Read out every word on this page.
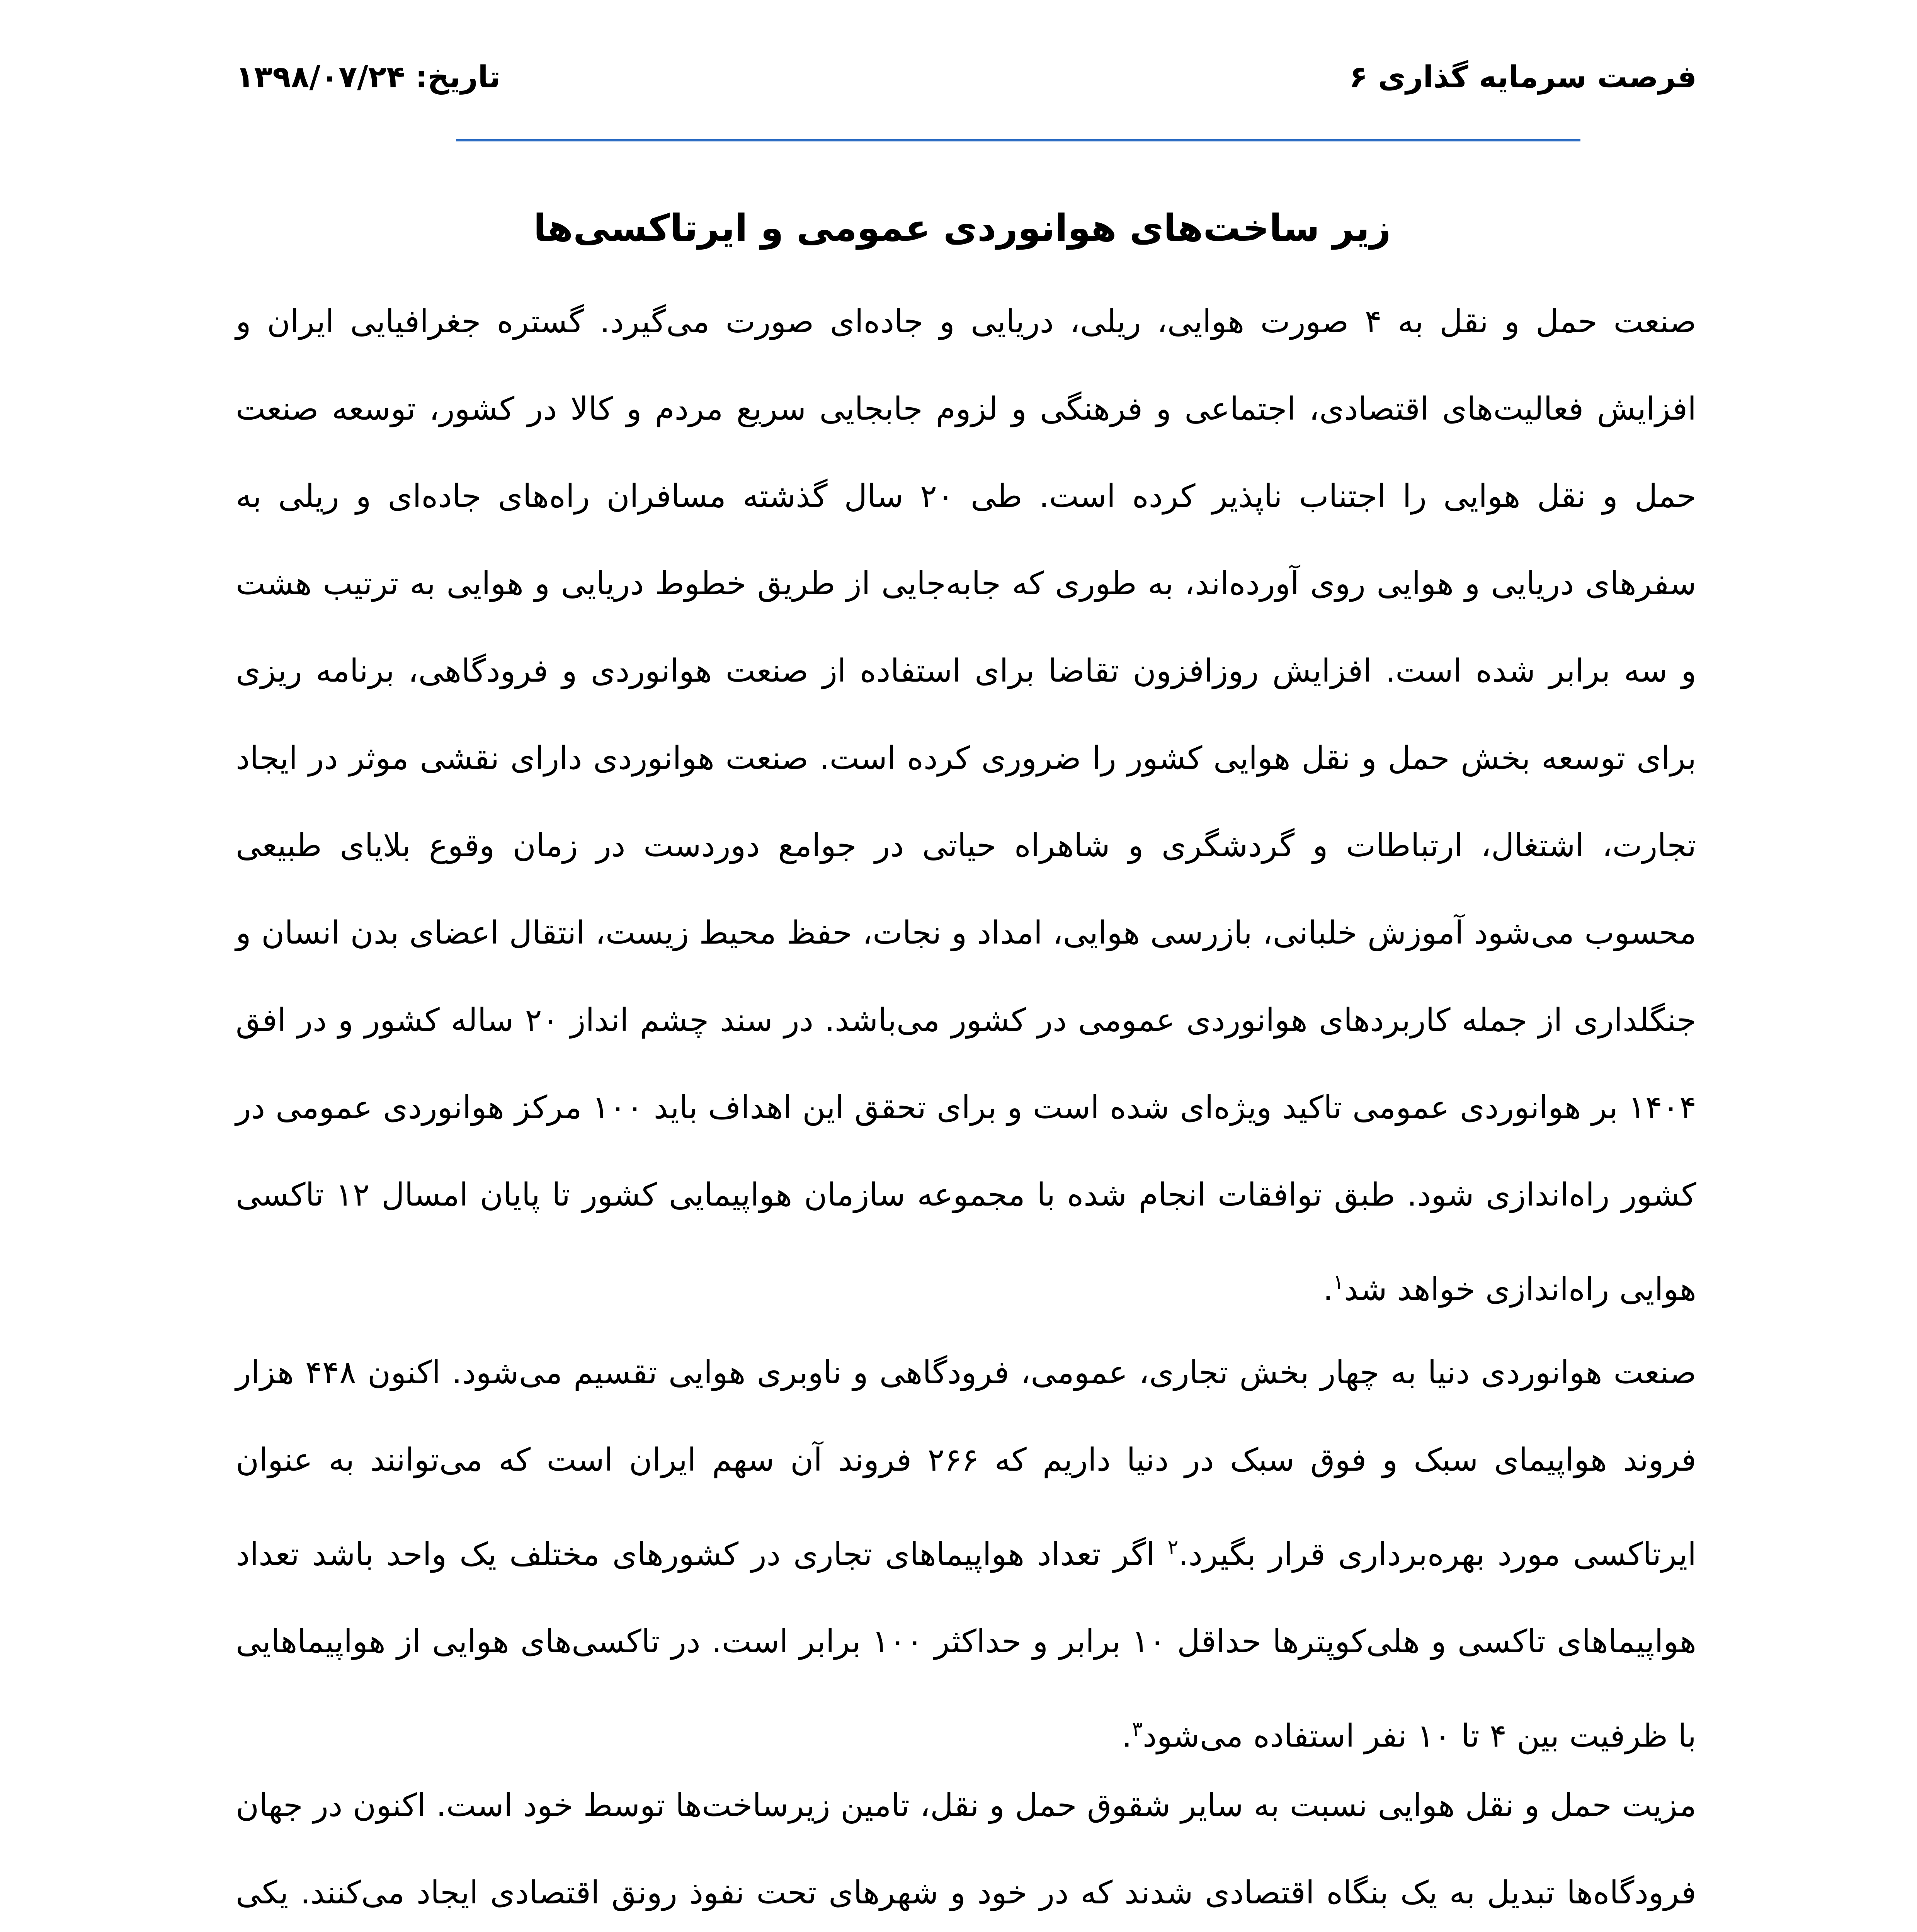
فرصت سرمایه گذاری ۶
تاریخ: ۱۳۹۸/۰۷/۲۴
زیر ساخت‌های هوانوردی عمومی و ایرتاکسی‌ها
صنعت حمل و نقل به ۴ صورت هوایی، ریلی، دریایی و جاده‌ای صورت می‌گیرد. گستره جغرافیایی ایران و افزایش فعالیت‌های اقتصادی، اجتماعی و فرهنگی و لزوم جابجایی سریع مردم و کالا در کشور، توسعه صنعت حمل و نقل هوایی را اجتناب ناپذیر کرده است. طی ۲۰ سال گذشته مسافران راه‌های جاده‌ای و ریلی به سفرهای دریایی و هوایی روی آورده‌اند، به طوری که جابه‌جایی از طریق خطوط دریایی و هوایی به ترتیب هشت و سه برابر شده است. افزایش روزافزون تقاضا برای استفاده از صنعت هوانوردی و فرودگاهی، برنامه ریزی برای توسعه بخش حمل و نقل هوایی کشور را ضروری کرده است. صنعت هوانوردی دارای نقشی موثر در ایجاد تجارت، اشتغال، ارتباطات و گردشگری و شاهراه حیاتی در جوامع دوردست در زمان وقوع بلایای طبیعی محسوب می‌شود آموزش خلبانی، بازرسی هوایی، امداد و نجات، حفظ محیط زیست، انتقال اعضای بدن انسان و جنگلداری از جمله کاربردهای هوانوردی عمومی در کشور می‌باشد. در سند چشم انداز ۲۰ ساله کشور و در افق ۱۴۰۴ بر هوانوردی عمومی تاکید ویژه‌ای شده است و برای تحقق این اهداف باید ۱۰۰ مرکز هوانوردی عمومی در کشور راه‌اندازی شود. طبق توافقات انجام شده با مجموعه سازمان هواپیمایی کشور تا پایان امسال ۱۲ تاکسی هوایی راه‌اندازی خواهد شد$^۱$.
صنعت هوانوردی دنیا به چهار بخش تجاری، عمومی، فرودگاهی و ناوبری هوایی تقسیم می‌شود. اکنون ۴۴۸ هزار فروند هواپیمای سبک و فوق سبک در دنیا داریم که ۲۶۶ فروند آن سهم ایران است که می‌توانند به عنوان ایرتاکسی مورد بهره‌برداری قرار بگیرد.$^۲$ اگر تعداد هواپیماهای تجاری در کشورهای مختلف یک واحد باشد تعداد هواپیماهای تاکسی و هلی‌کوپترها حداقل ۱۰ برابر و حداکثر ۱۰۰ برابر است. در تاکسی‌های هوایی از هواپیماهایی با ظرفیت بین ۴ تا ۱۰ نفر استفاده می‌شود$^۳$.
مزیت حمل و نقل هوایی نسبت به سایر شقوق حمل و نقل، تامین زیرساخت‌ها توسط خود است. اکنون در جهان فرودگاه‌ها تبدیل به یک بنگاه اقتصادی شدند که در خود و شهرهای تحت نفوذ رونق اقتصادی ایجاد می‌کنند. یکی
